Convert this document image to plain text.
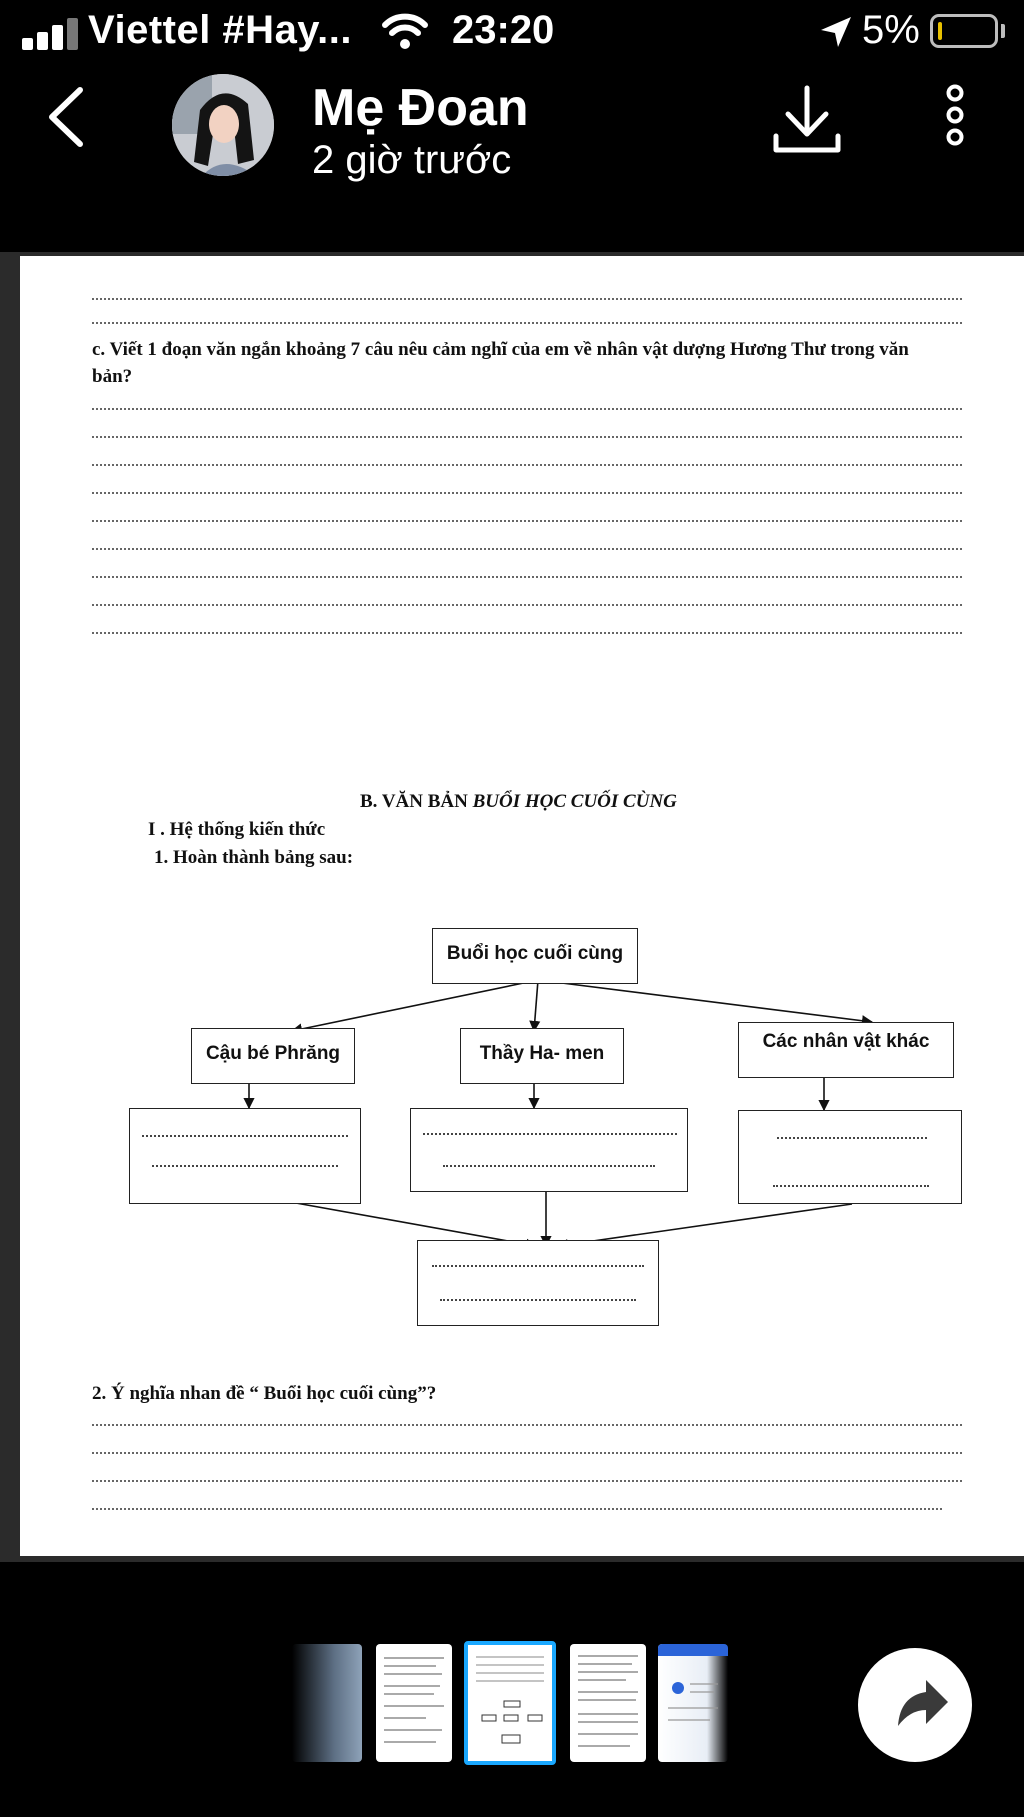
Viettel #Hay...	23:20	5%
Mẹ Đoan
2 giờ trước
c. Viết 1 đoạn văn ngắn khoảng 7 câu nêu cảm nghĩ của em về nhân vật dượng Hương Thư trong văn bản?
B. VĂN BẢN BUỔI HỌC CUỐI CÙNG
I . Hệ thống kiến thức
1. Hoàn thành bảng sau:
Buổi học cuối cùng
Cậu bé Phrăng	Thầy Ha- men
Các nhân vật khác
2. Ý nghĩa nhan đề “ Buổi học cuối cùng”?
